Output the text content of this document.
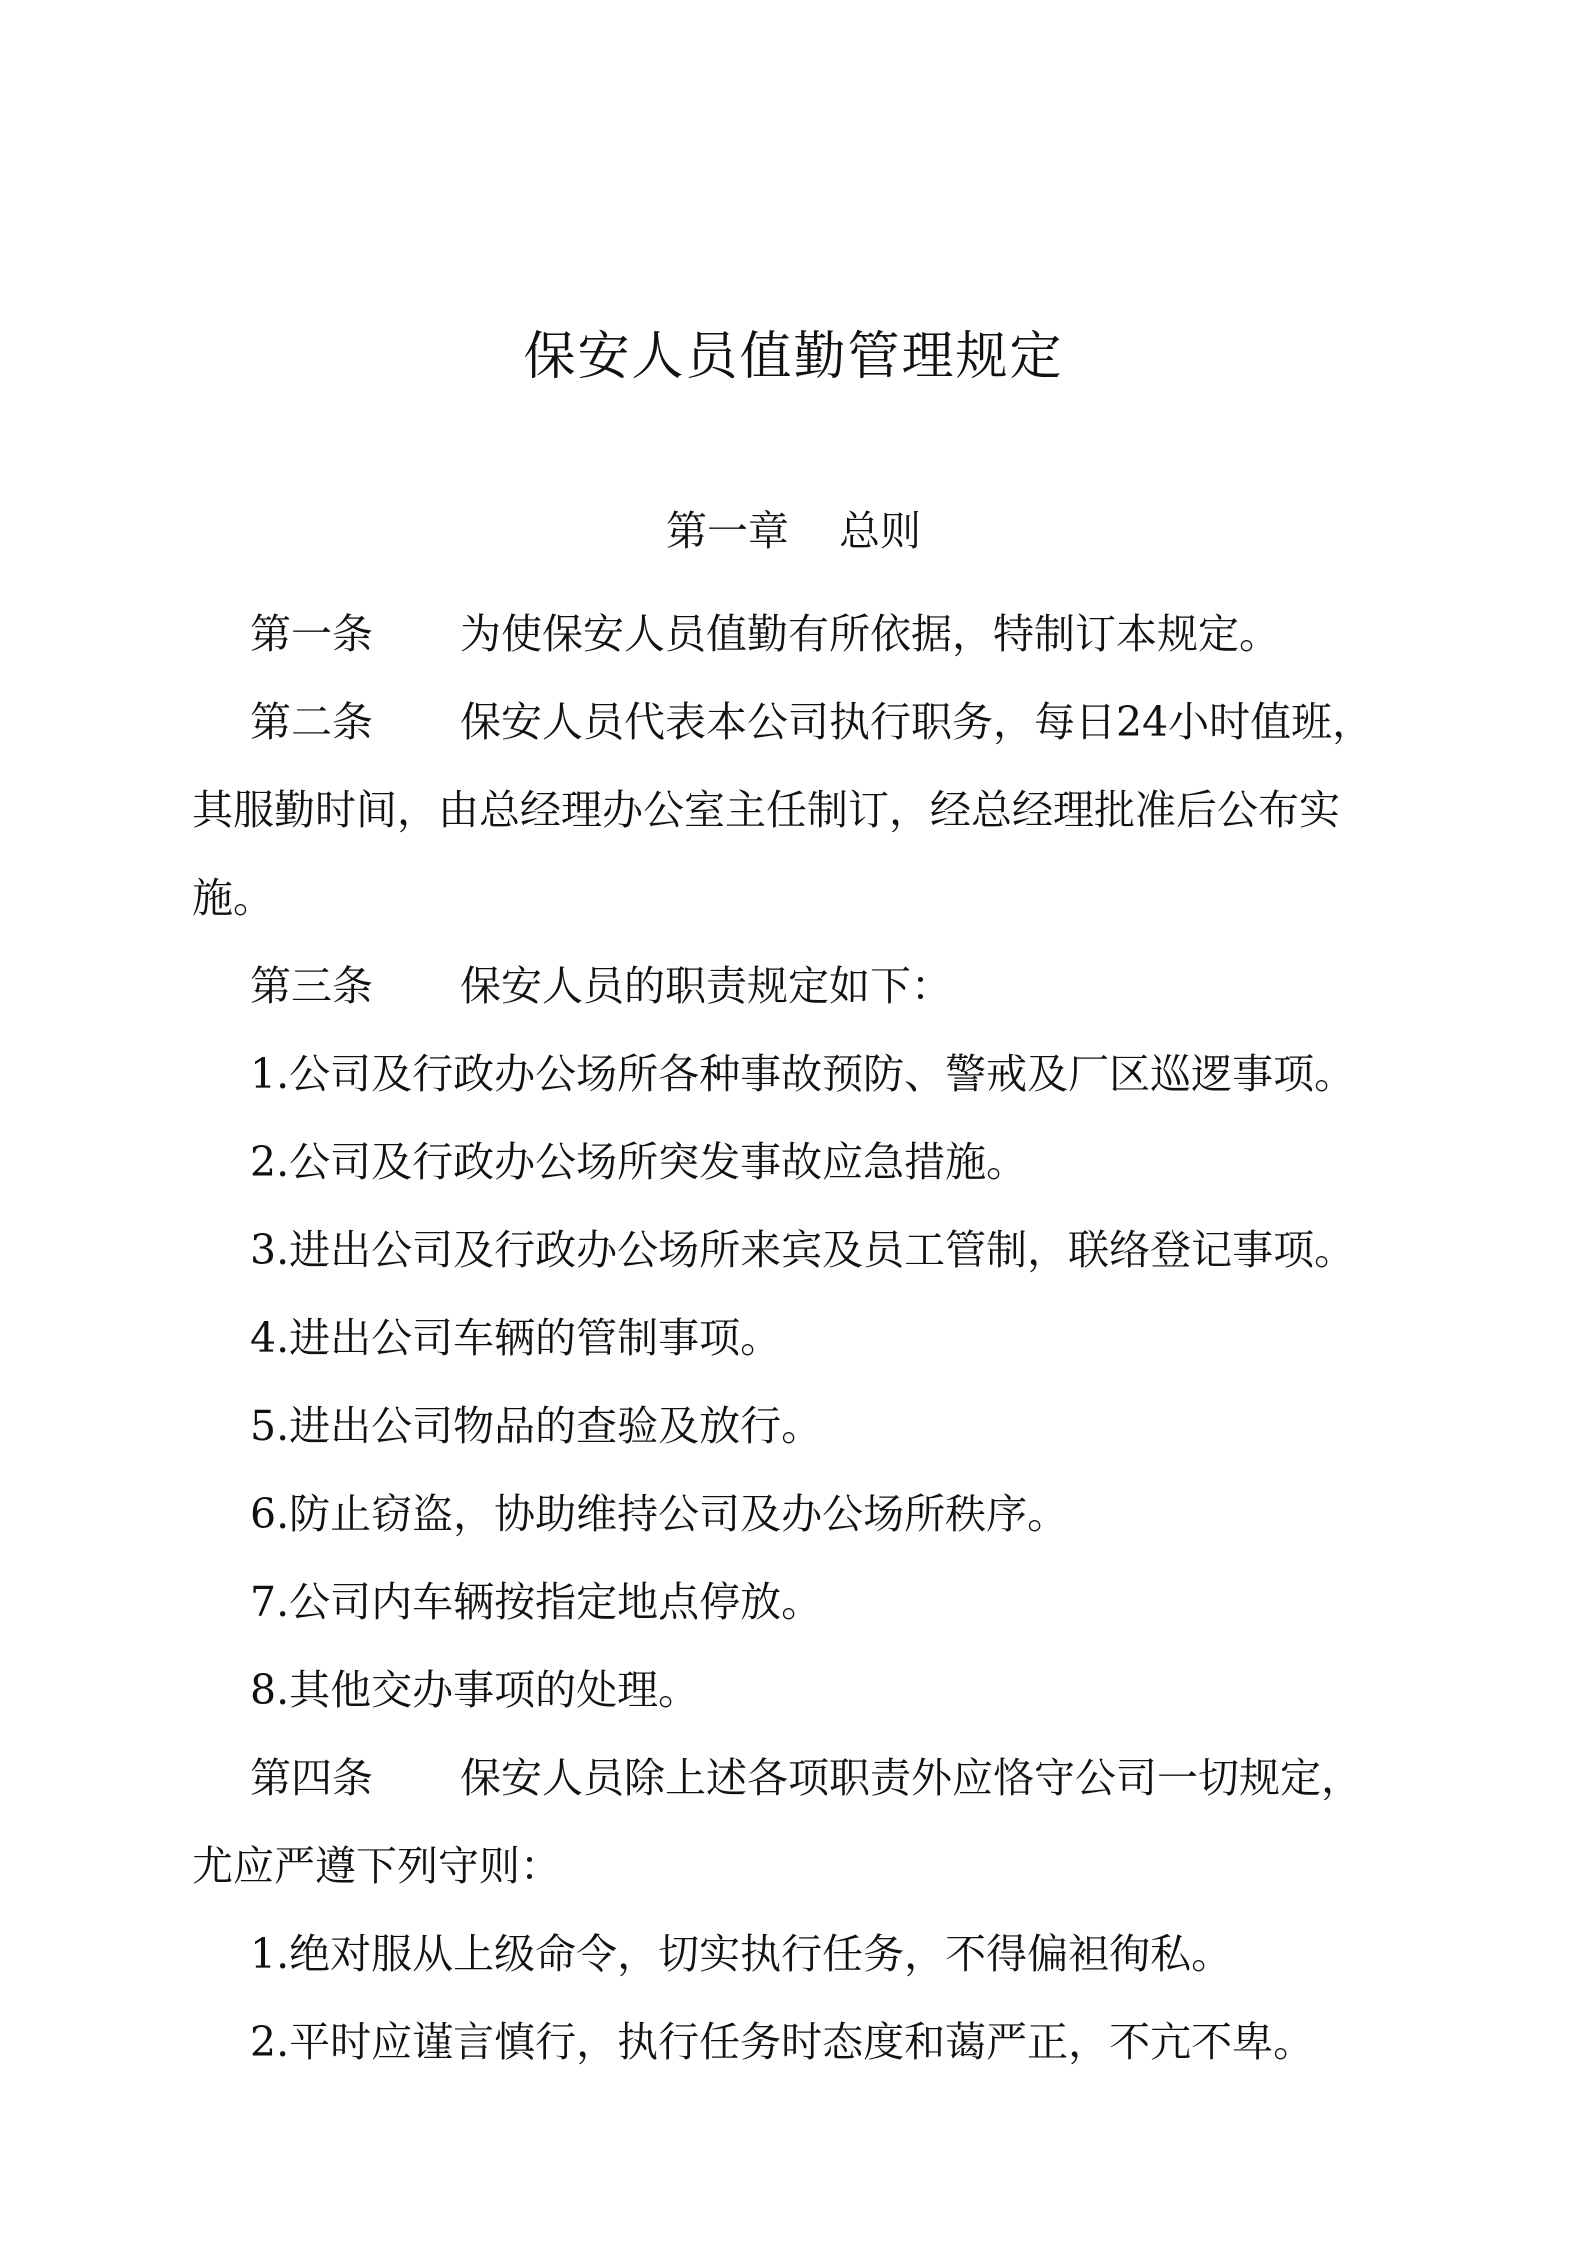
保安人员值勤管理规定
第一章 总则

第一条 为使保安人员值勤有所依据，特制订本规定。

第二条 保安人员代表本公司执行职务，每日24小时值班，其服勤时间，由总经理办公室主任制订，经总经理批准后公布实施。

第三条 保安人员的职责规定如下：

1.公司及行政办公场所各种事故预防、警戒及厂区巡逻事项。

2.公司及行政办公场所突发事故应急措施。

3.进出公司及行政办公场所来宾及员工管制，联络登记事项。

4.进出公司车辆的管制事项。

5.进出公司物品的查验及放行。

6.防止窃盗，协助维持公司及办公场所秩序。

7.公司内车辆按指定地点停放。

8.其他交办事项的处理。

第四条 保安人员除上述各项职责外应恪守公司一切规定，尤应严遵下列守则：

1.绝对服从上级命令，切实执行任务，不得偏袒徇私。

2.平时应谨言慎行，执行任务时态度和蔼严正，不亢不卑。
